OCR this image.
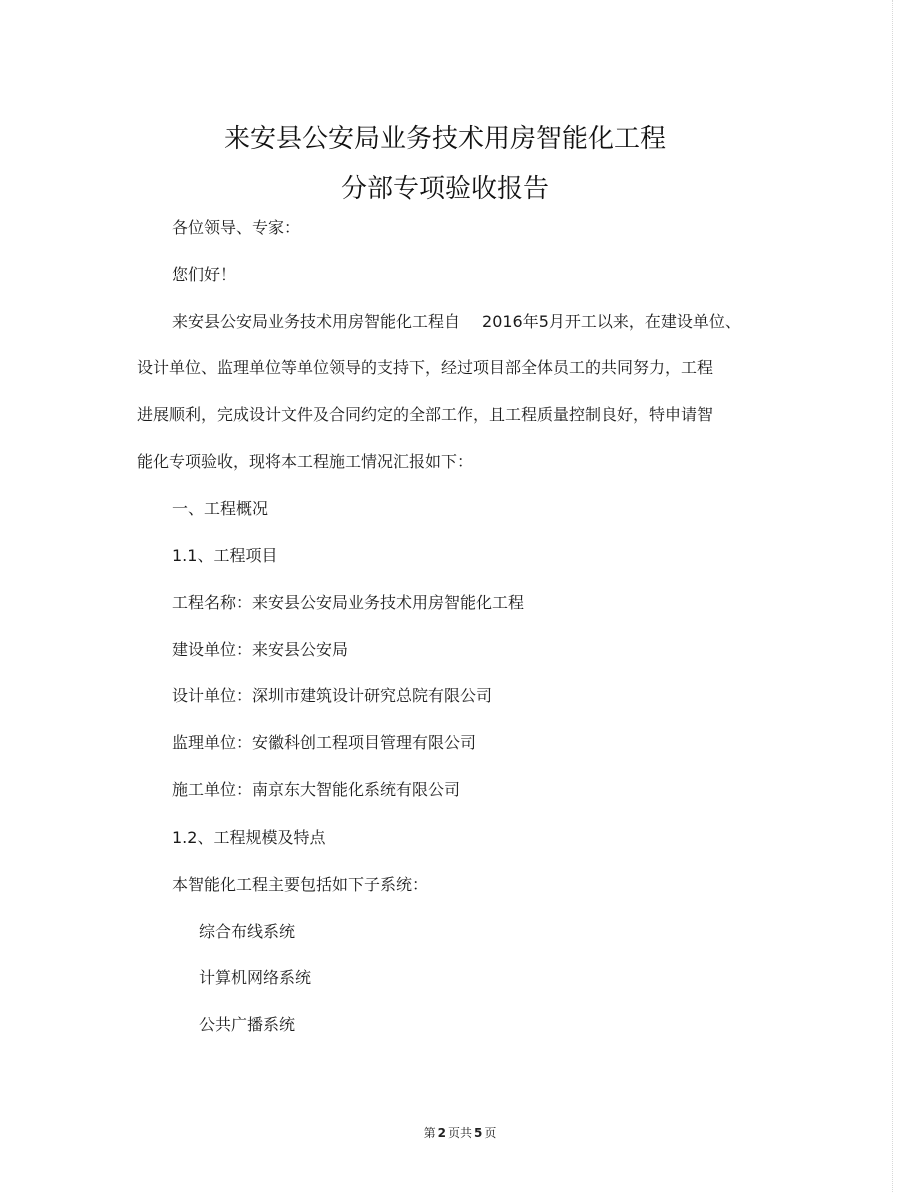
来安县公安局业务技术用房智能化工程
分部专项验收报告
各位领导、专家：
您们好！
来安县公安局业务技术用房智能化工程自 2016年5月开工以来，在建设单位、
设计单位、监理单位等单位领导的支持下，经过项目部全体员工的共同努力，工程
进展顺利，完成设计文件及合同约定的全部工作，且工程质量控制良好，特申请智
能化专项验收，现将本工程施工情况汇报如下：
一、工程概况
1.1、工程项目
工程名称：来安县公安局业务技术用房智能化工程
建设单位：来安县公安局
设计单位：深圳市建筑设计研究总院有限公司
监理单位：安徽科创工程项目管理有限公司
施工单位：南京东大智能化系统有限公司
1.2、工程规模及特点
本智能化工程主要包括如下子系统：
综合布线系统
计算机网络系统
公共广播系统
第 2 页共 5 页
